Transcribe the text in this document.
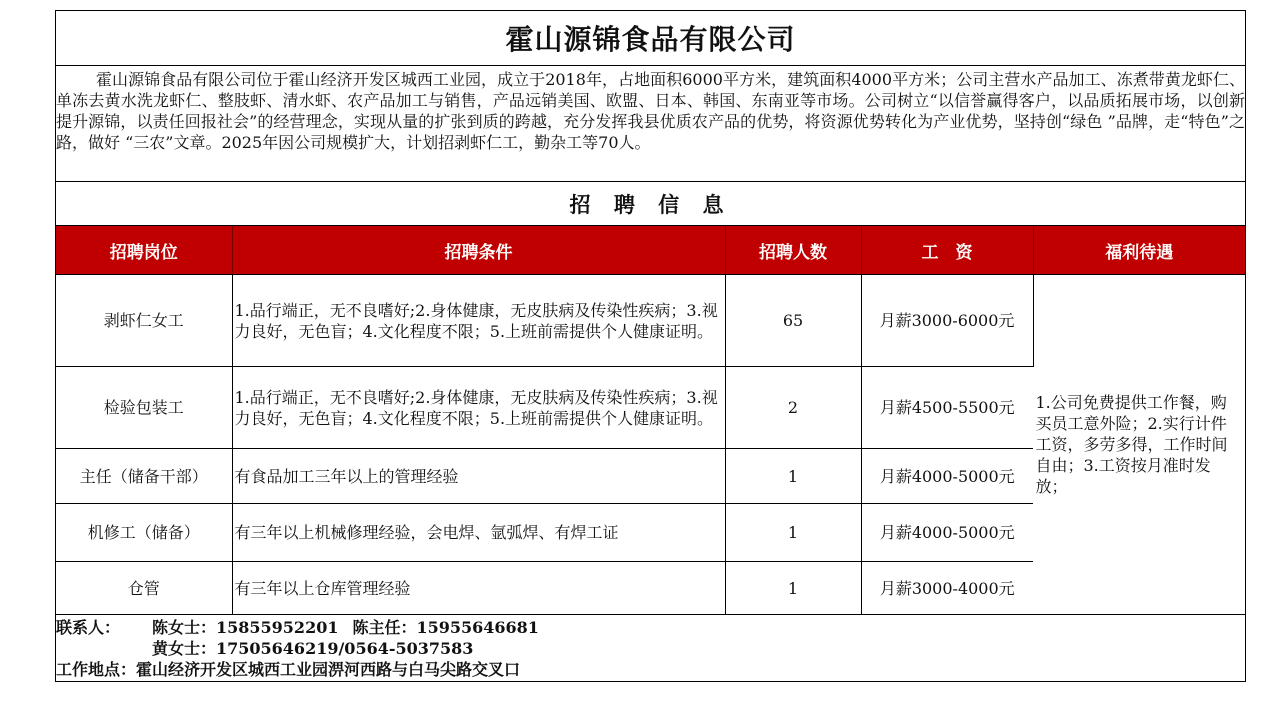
霍山源锦食品有限公司
霍山源锦食品有限公司位于霍山经济开发区城西工业园，成立于2018年，占地面积6000平方米，建筑面积4000平方米；公司主营水产品加工、冻煮带黄龙虾仁、单冻去黄水洗龙虾仁、整肢虾、清水虾、农产品加工与销售，产品远销美国、欧盟、日本、韩国、东南亚等市场。公司树立“以信誉赢得客户，以品质拓展市场，以创新提升源锦，以责任回报社会”的经营理念，实现从量的扩张到质的跨越，充分发挥我县优质农产品的优势，将资源优势转化为产业优势，坚持创“绿色 ”品牌，走“特色”之路，做好 “三农”文章。2025年因公司规模扩大，计划招剥虾仁工，勤杂工等70人。
招 聘 信 息
招聘岗位	招聘条件	招聘人数	工　资	福利待遇
剥虾仁女工	1.品行端正，无不良嗜好;2.身体健康，无皮肤病及传染性疾病；3.视力良好，无色盲；4.文化程度不限；5.上班前需提供个人健康证明。	65	月薪3000-6000元	1.公司免费提供工作餐，购买员工意外险；2.实行计件工资，多劳多得，工作时间自由；3.工资按月准时发放；
检验包装工	1.品行端正，无不良嗜好;2.身体健康，无皮肤病及传染性疾病；3.视力良好，无色盲；4.文化程度不限；5.上班前需提供个人健康证明。	2	月薪4500-5500元	
主任（储备干部）	有食品加工三年以上的管理经验	1	月薪4000-5000元	
机修工（储备）	有三年以上机械修理经验，会电焊、氩弧焊、有焊工证	1	月薪4000-5000元	
仓管	有三年以上仓库管理经验	1	月薪3000-4000元	
联系人：	陈女士：15855952201 陈主任：15955646681
黄女士：17505646219/0564-5037583
工作地点：霍山经济开发区城西工业园淠河西路与白马尖路交叉口
